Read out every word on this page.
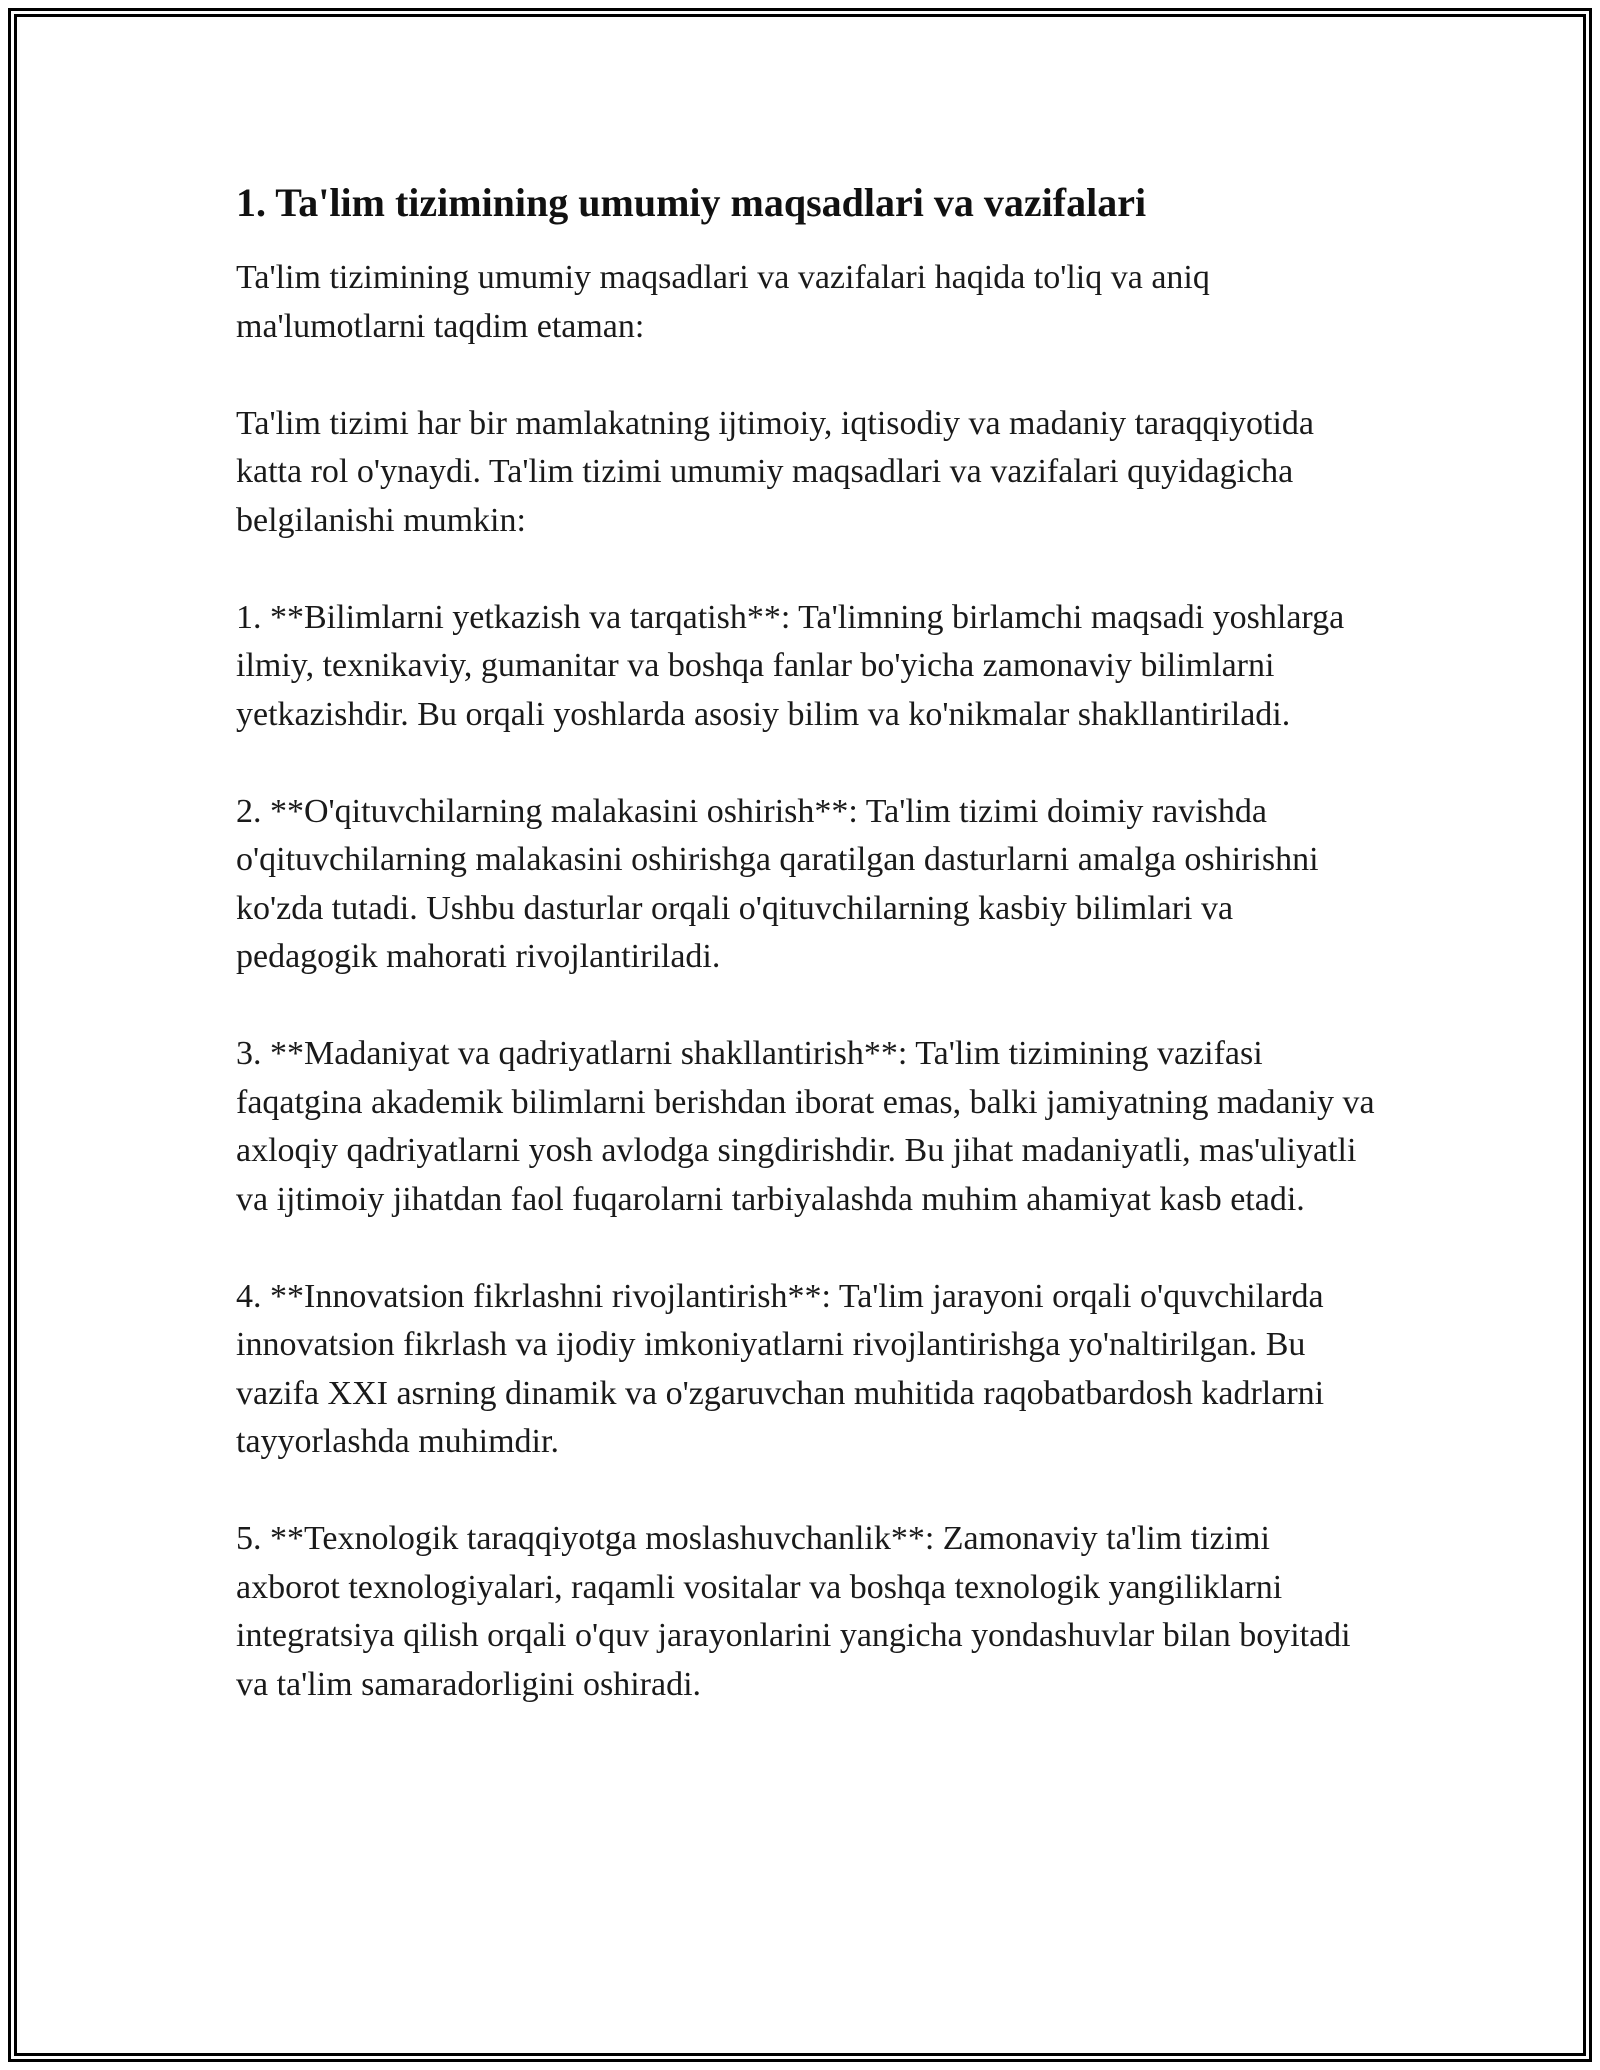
1. Ta'lim tizimining umumiy maqsadlari va vazifalari

Ta'lim tizimining umumiy maqsadlari va vazifalari haqida to'liq va aniq ma'lumotlarni taqdim etaman:

Ta'lim tizimi har bir mamlakatning ijtimoiy, iqtisodiy va madaniy taraqqiyotida katta rol o'ynaydi. Ta'lim tizimi umumiy maqsadlari va vazifalari quyidagicha belgilanishi mumkin:

1. **Bilimlarni yetkazish va tarqatish**: Ta'limning birlamchi maqsadi yoshlarga ilmiy, texnikaviy, gumanitar va boshqa fanlar bo'yicha zamonaviy bilimlarni yetkazishdir. Bu orqali yoshlarda asosiy bilim va ko'nikmalar shakllantiriladi.

2. **O'qituvchilarning malakasini oshirish**: Ta'lim tizimi doimiy ravishda o'qituvchilarning malakasini oshirishga qaratilgan dasturlarni amalga oshirishni ko'zda tutadi. Ushbu dasturlar orqali o'qituvchilarning kasbiy bilimlari va pedagogik mahorati rivojlantiriladi.

3. **Madaniyat va qadriyatlarni shakllantirish**: Ta'lim tizimining vazifasi faqatgina akademik bilimlarni berishdan iborat emas, balki jamiyatning madaniy va axloqiy qadriyatlarni yosh avlodga singdirishdir. Bu jihat madaniyatli, mas'uliyatli va ijtimoiy jihatdan faol fuqarolarni tarbiyalashda muhim ahamiyat kasb etadi.

4. **Innovatsion fikrlashni rivojlantirish**: Ta'lim jarayoni orqali o'quvchilarda innovatsion fikrlash va ijodiy imkoniyatlarni rivojlantirishga yo'naltirilgan. Bu vazifa XXI asrning dinamik va o'zgaruvchan muhitida raqobatbardosh kadrlarni tayyorlashda muhimdir.

5. **Texnologik taraqqiyotga moslashuvchanlik**: Zamonaviy ta'lim tizimi axborot texnologiyalari, raqamli vositalar va boshqa texnologik yangiliklarni integratsiya qilish orqali o'quv jarayonlarini yangicha yondashuvlar bilan boyitadi va ta'lim samaradorligini oshiradi.
